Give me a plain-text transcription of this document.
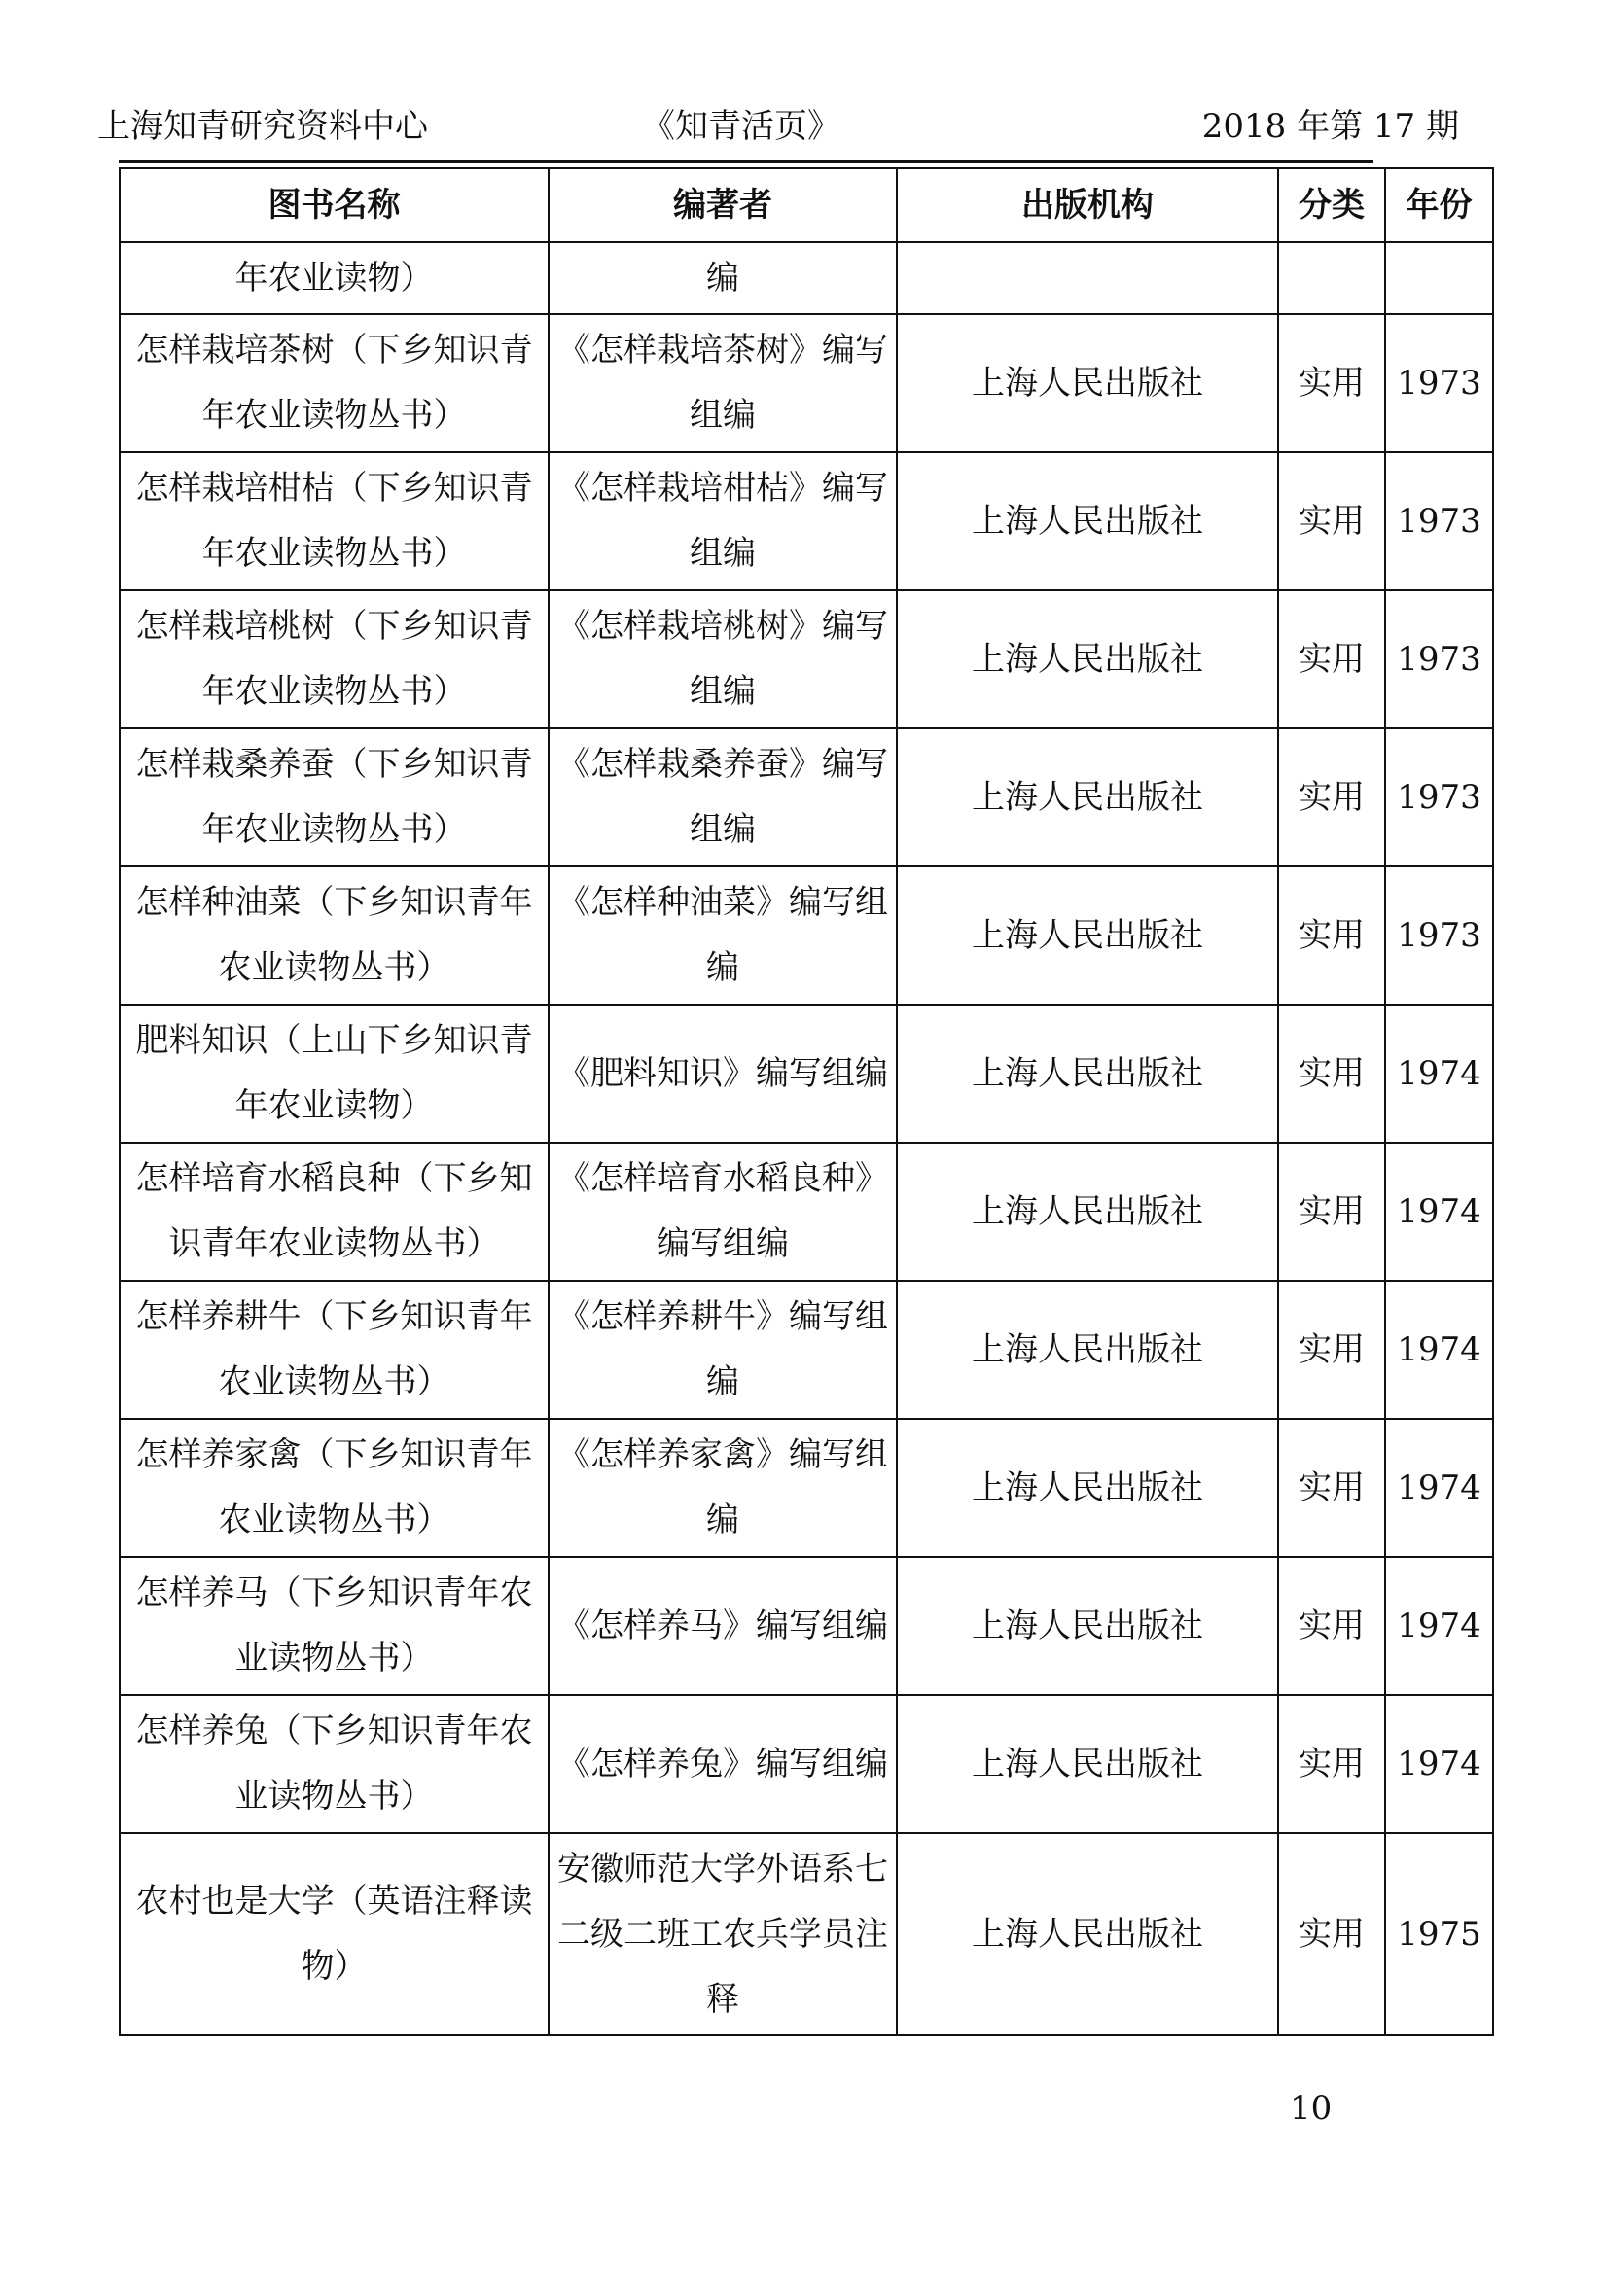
上海知青研究资料中心	《知青活页》	2018 年第 17 期
图书名称	编著者	出版机构	分类	年份
年农业读物）	编			
怎样栽培茶树（下乡知识青年农业读物丛书）	《怎样栽培茶树》编写组编	上海人民出版社	实用	1973
怎样栽培柑桔（下乡知识青年农业读物丛书）	《怎样栽培柑桔》编写组编	上海人民出版社	实用	1973
怎样栽培桃树（下乡知识青年农业读物丛书）	《怎样栽培桃树》编写组编	上海人民出版社	实用	1973
怎样栽桑养蚕（下乡知识青年农业读物丛书）	《怎样栽桑养蚕》编写组编	上海人民出版社	实用	1973
怎样种油菜（下乡知识青年农业读物丛书）	《怎样种油菜》编写组编	上海人民出版社	实用	1973
肥料知识（上山下乡知识青年农业读物）	《肥料知识》编写组编	上海人民出版社	实用	1974
怎样培育水稻良种（下乡知识青年农业读物丛书）	《怎样培育水稻良种》编写组编	上海人民出版社	实用	1974
怎样养耕牛（下乡知识青年农业读物丛书）	《怎样养耕牛》编写组编	上海人民出版社	实用	1974
怎样养家禽（下乡知识青年农业读物丛书）	《怎样养家禽》编写组编	上海人民出版社	实用	1974
怎样养马（下乡知识青年农业读物丛书）	《怎样养马》编写组编	上海人民出版社	实用	1974
怎样养兔（下乡知识青年农业读物丛书）	《怎样养兔》编写组编	上海人民出版社	实用	1974
农村也是大学（英语注释读物）	安徽师范大学外语系七二级二班工农兵学员注释	上海人民出版社	实用	1975
10
